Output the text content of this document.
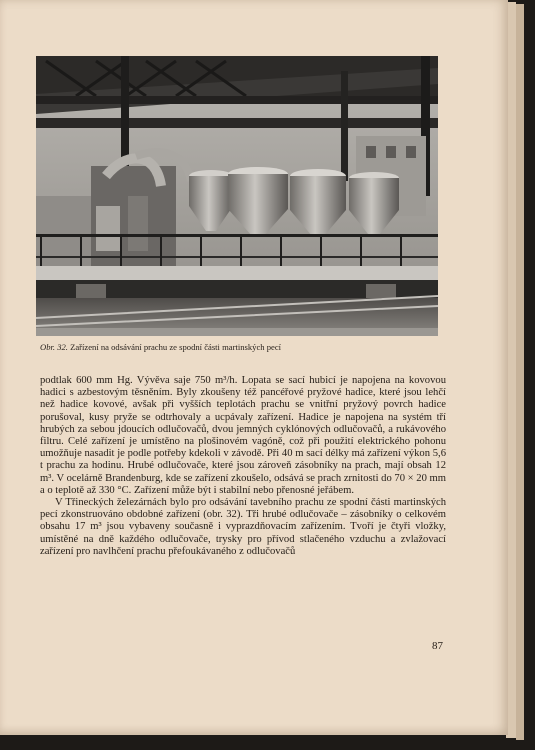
Obr. 32. Zařízení na odsávání prachu ze spodní části martinských pecí

podtlak 600 mm Hg. Vývěva saje 750 m³/h. Lopata se sací hubicí je napojena na kovovou hadici s azbestovým těsněním. Byly zkoušeny též pancéřové pryžové hadice, které jsou lehčí než hadice kovové, avšak při vyšších teplotách prachu se vnitřní pryžový povrch hadice porušoval, kusy pryže se odtrhovaly a ucpávaly zařízení. Hadice je napojena na systém tří hrubých za sebou jdoucích odlučovačů, dvou jemných cyklónových odlučovačů, a rukávového filtru. Celé zařízení je umístěno na plošinovém vagóně, což při použití elektrického pohonu umožňuje nasadit je podle potřeby kdekoli v závodě. Při 40 m sací délky má zařízení výkon 5,6 t prachu za hodinu. Hrubé odlučovače, které jsou zároveň zásobníky na prach, mají obsah 12 m³. V ocelárně Brandenburg, kde se zařízení zkoušelo, odsává se prach zrnitosti do 70 × 20 mm a o teplotě až 330 °C. Zařízení může být i stabilní nebo přenosné jeřábem.

V Třineckých železárnách bylo pro odsávání tavebního prachu ze spodní části martinských pecí zkonstruováno obdobné zařízení (obr. 32). Tři hrubé odlučovače – zásobníky o celkovém obsahu 17 m³ jsou vybaveny současně i vyprazdňovacím zařízením. Tvoří je čtyři vložky, umístěné na dně každého odlučovače, trysky pro přívod stlačeného vzduchu a zvlažovací zařízení pro navlhčení prachu přefoukávaného z odlučovačů

87
